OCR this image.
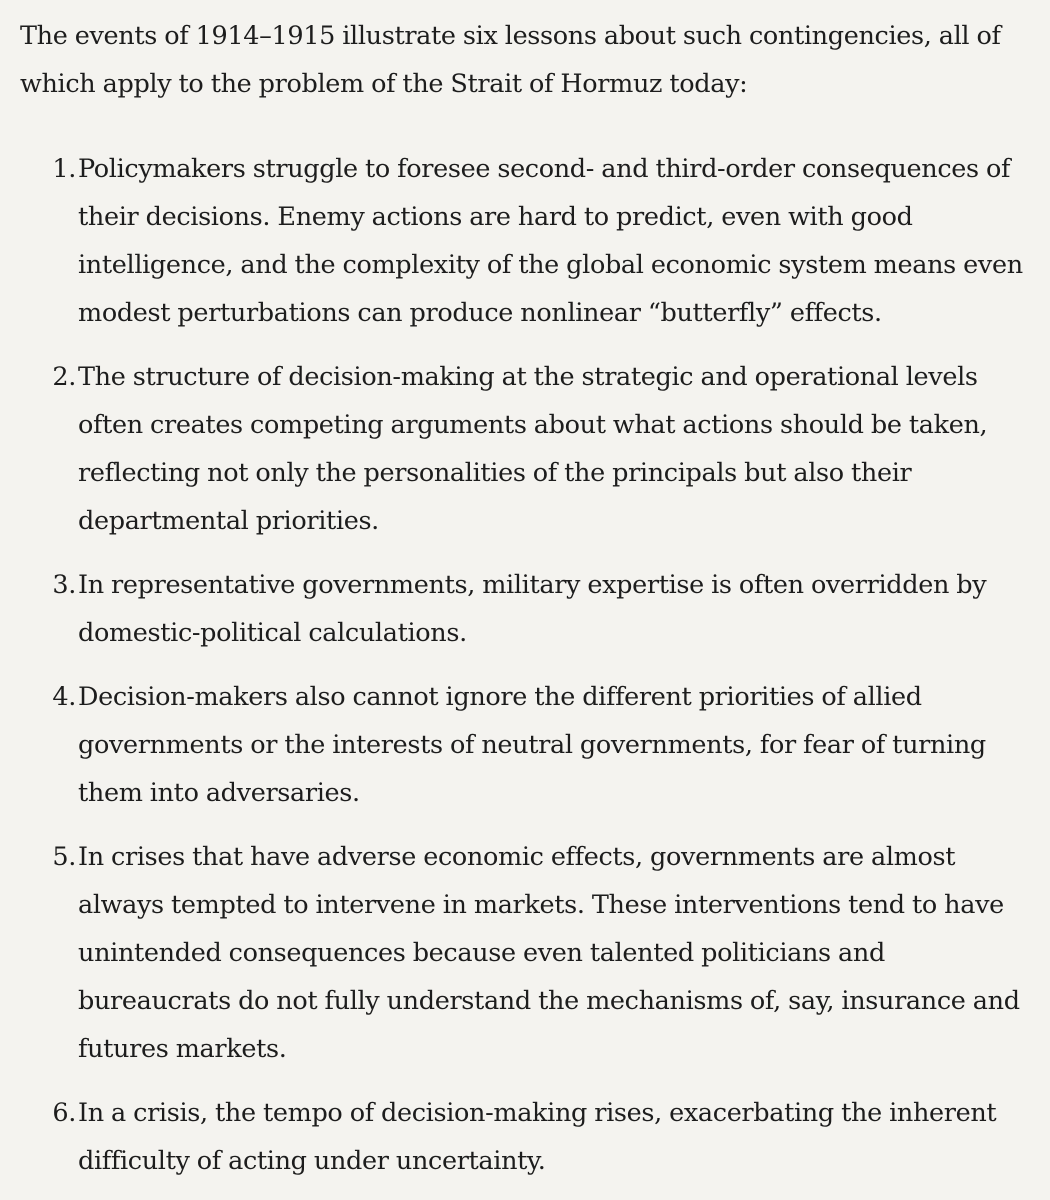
The events of 1914–1915 illustrate six lessons about such contingencies, all of which apply to the problem of the Strait of Hormuz today:

1 . Policymakers struggle to foresee second- and third-order consequences of their decisions. Enemy actions are hard to predict, even with good intelligence, and the complexity of the global economic system means even modest perturbations can produce nonlinear “butterfly” effects.
2 . The structure of decision-making at the strategic and operational levels often creates competing arguments about what actions should be taken, reflecting not only the personalities of the principals but also their departmental priorities.
3 . In representative governments, military expertise is often overridden by domestic-political calculations.
4 . Decision-makers also cannot ignore the different priorities of allied governments or the interests of neutral governments, for fear of turning them into adversaries.
5 . In crises that have adverse economic effects, governments are almost always tempted to intervene in markets. These interventions tend to have unintended consequences because even talented politicians and bureaucrats do not fully understand the mechanisms of, say, insurance and futures markets.
6 . In a crisis, the tempo of decision-making rises, exacerbating the inherent difficulty of acting under uncertainty.
